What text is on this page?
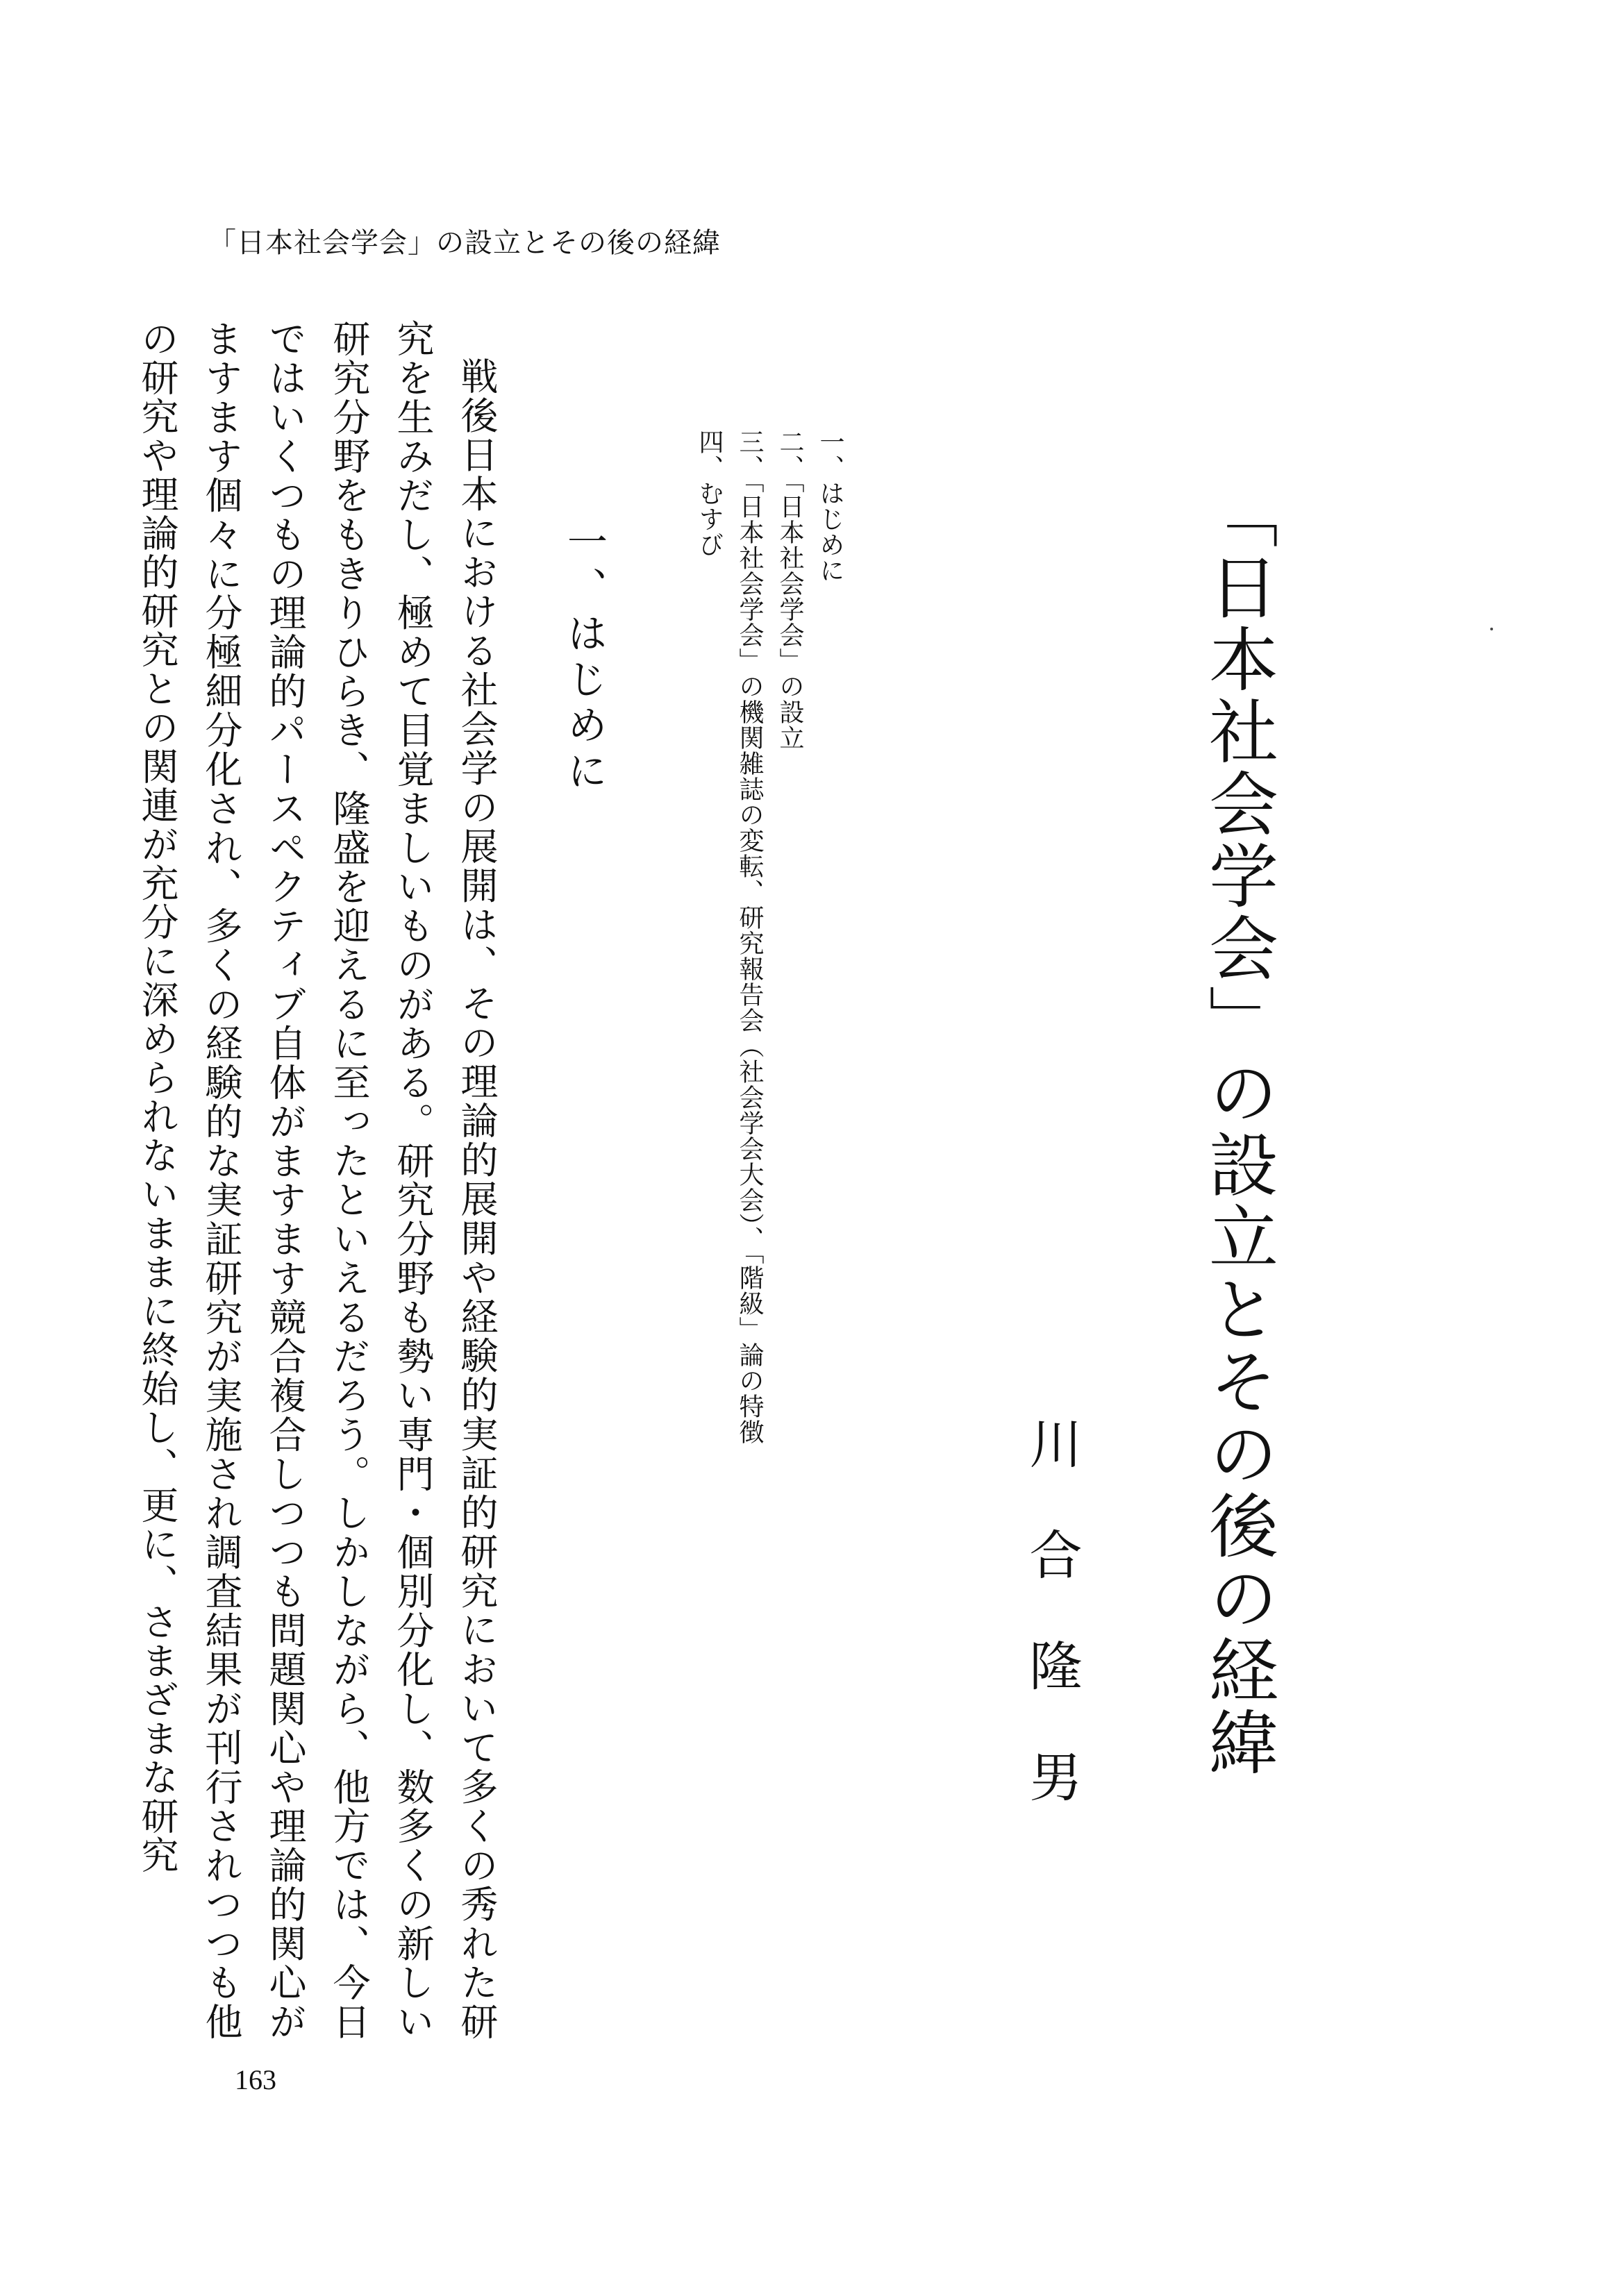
「日本社会学会」の設立とその後の経緯
「日本社会学会」の設立とその後の経緯
川合隆男
一、はじめに
二、「日本社会学会」の設立
三、「日本社会学会」の機関雑誌の変転、研究報告会（社会学会大会）、「階級」論の特徴
四、むすび
一、はじめに

戦後日本における社会学の展開は、その理論的展開や経験的実証的研究において多くの秀れた研究を生みだし、極めて目覚ましいものがある。研究分野も勢い専門・個別分化し、数多くの新しい研究分野をもきりひらき、隆盛を迎えるに至ったといえるだろう。しかしながら、他方では、今日ではいくつもの理論的パースペクティブ自体がますます競合複合しつつも問題関心や理論的関心がますます個々に分極細分化され、多くの経験的な実証研究が実施され調査結果が刊行されつつも他の研究や理論的研究との関連が充分に深められないままに終始し、更に、さまざまな研究

163
